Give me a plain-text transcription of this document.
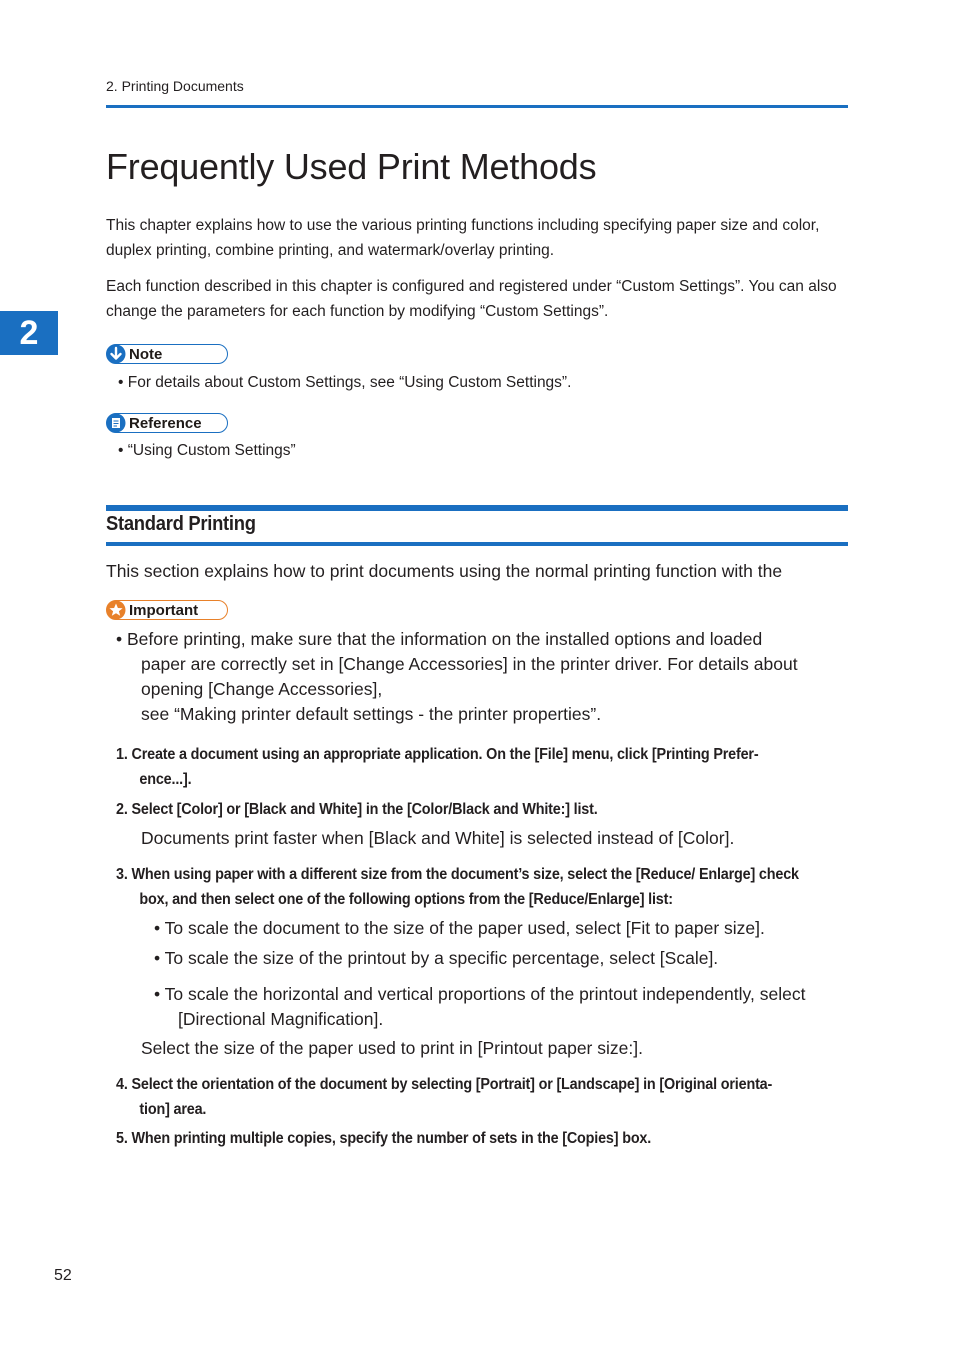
2. Printing Documents
Frequently Used Print Methods
2

This chapter explains how to use the various printing functions including specifying paper size and color,
duplex printing, combine printing, and watermark/overlay printing.

Each function described in this chapter is configured and registered under “Custom Settings”. You can also
change the parameters for each function by modifying “Custom Settings”.

Note

• For details about Custom Settings, see “Using Custom Settings”.

Reference

• “Using Custom Settings”

Standard Printing

This section explains how to print documents using the normal printing function with the

Important
• Before printing, make sure that the information on the installed options and loaded
paper are correctly set in [Change Accessories] in the printer driver. For details about
opening [Change Accessories],
see “Making printer default settings - the printer properties”.

1. Create a document using an appropriate application. On the [File] menu, click [Printing Prefer-
ence...].

2. Select [Color] or [Black and White] in the [Color/Black and White:] list.

Documents print faster when [Black and White] is selected instead of [Color].

3. When using paper with a different size from the document’s size, select the [Reduce/ Enlarge] check
box, and then select one of the following options from the [Reduce/Enlarge] list:

• To scale the document to the size of the paper used, select [Fit to paper size].

• To scale the size of the printout by a specific percentage, select [Scale].

• To scale the horizontal and vertical proportions of the printout independently, select
[Directional Magnification].

Select the size of the paper used to print in [Printout paper size:].

4. Select the orientation of the document by selecting [Portrait] or [Landscape] in [Original orienta-
tion] area.

5. When printing multiple copies, specify the number of sets in the [Copies] box.

52
